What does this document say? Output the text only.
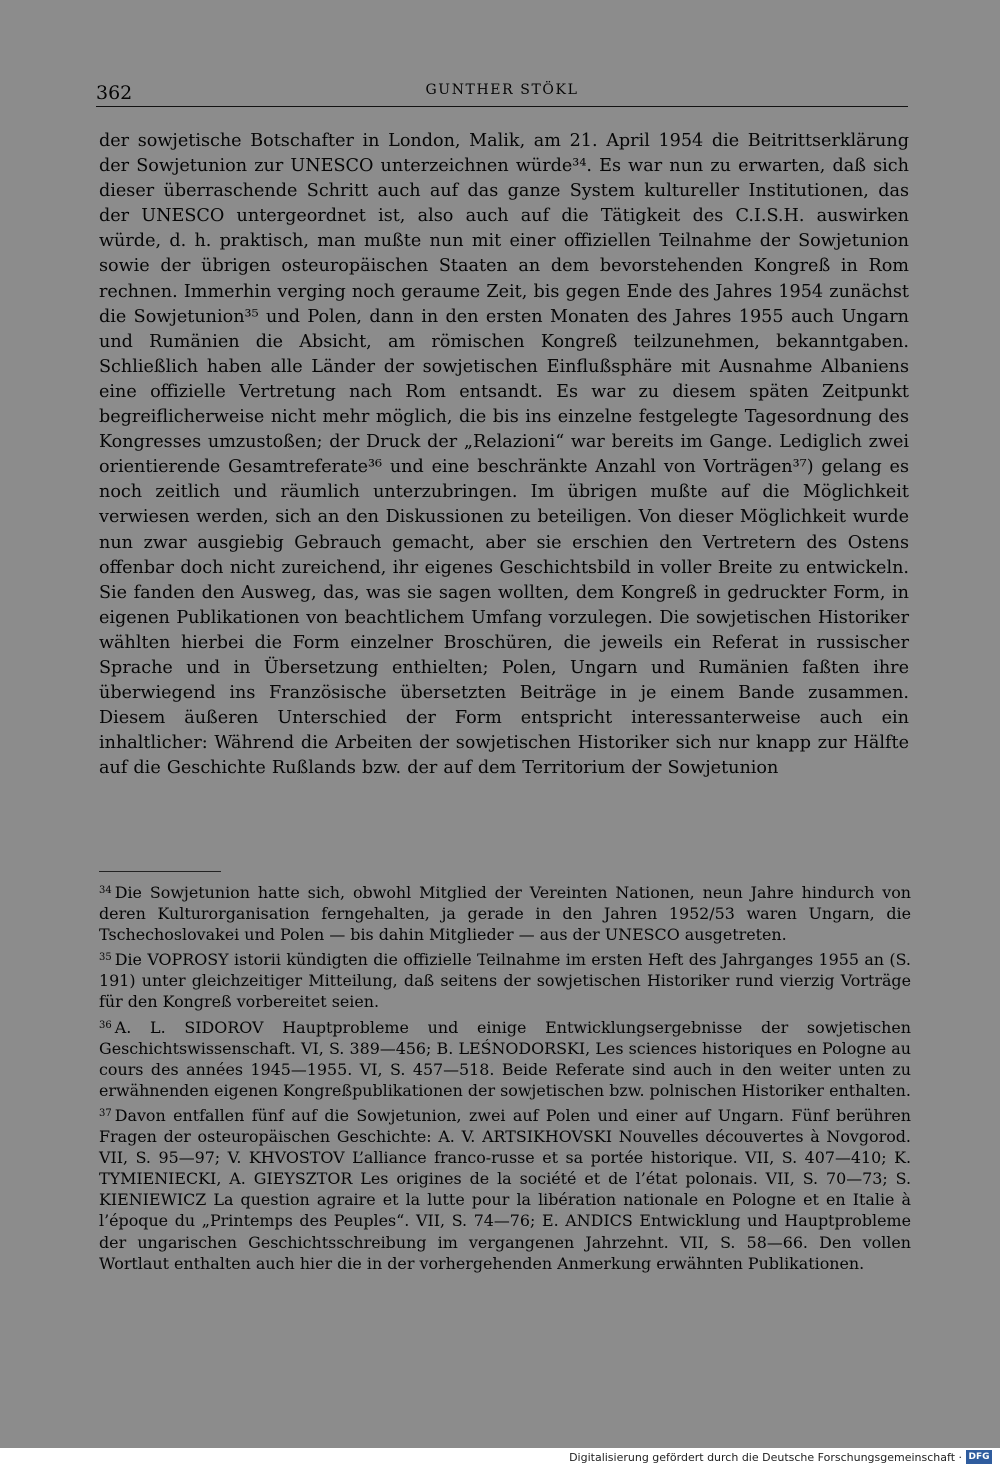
362	GUNTHER STÖKL

der sowjetische Botschafter in London, Malik, am 21. April 1954 die Beitrittserklärung der Sowjetunion zur UNESCO unterzeichnen würde³⁴. Es war nun zu erwarten, daß sich dieser überraschende Schritt auch auf das ganze System kultureller Institutionen, das der UNESCO untergeordnet ist, also auch auf die Tätigkeit des C.I.S.H. auswirken würde, d. h. praktisch, man mußte nun mit einer offiziellen Teilnahme der Sowjetunion sowie der übrigen osteuropäischen Staaten an dem bevorstehenden Kongreß in Rom rechnen. Immerhin verging noch geraume Zeit, bis gegen Ende des Jahres 1954 zunächst die Sowjetunion³⁵ und Polen, dann in den ersten Monaten des Jahres 1955 auch Ungarn und Rumänien die Absicht, am römischen Kongreß teilzunehmen, bekanntgaben. Schließlich haben alle Länder der sowjetischen Einflußsphäre mit Ausnahme Albaniens eine offizielle Vertretung nach Rom entsandt. Es war zu diesem späten Zeitpunkt begreiflicherweise nicht mehr möglich, die bis ins einzelne festgelegte Tagesordnung des Kongresses umzustoßen; der Druck der „Relazioni“ war bereits im Gange. Lediglich zwei orientierende Gesamtreferate³⁶ und eine beschränkte Anzahl von Vorträgen³⁷) gelang es noch zeitlich und räumlich unterzubringen. Im übrigen mußte auf die Möglichkeit verwiesen werden, sich an den Diskussionen zu beteiligen. Von dieser Möglichkeit wurde nun zwar ausgiebig Gebrauch gemacht, aber sie erschien den Vertretern des Ostens offenbar doch nicht zureichend, ihr eigenes Geschichtsbild in voller Breite zu entwickeln. Sie fanden den Ausweg, das, was sie sagen wollten, dem Kongreß in gedruckter Form, in eigenen Publikationen von beachtlichem Umfang vorzulegen. Die sowjetischen Historiker wählten hierbei die Form einzelner Broschüren, die jeweils ein Referat in russischer Sprache und in Übersetzung enthielten; Polen, Ungarn und Rumänien faßten ihre überwiegend ins Französische übersetzten Beiträge in je einem Bande zusammen. Diesem äußeren Unterschied der Form entspricht interessanterweise auch ein inhaltlicher: Während die Arbeiten der sowjetischen Historiker sich nur knapp zur Hälfte auf die Geschichte Rußlands bzw. der auf dem Territorium der Sowjetunion

$^{34}$ Die Sowjetunion hatte sich, obwohl Mitglied der Vereinten Nationen, neun Jahre hindurch von deren Kulturorganisation ferngehalten, ja gerade in den Jahren 1952/53 waren Ungarn, die Tschechoslovakei und Polen — bis dahin Mitglieder — aus der UNESCO ausgetreten.

$^{35}$ Die VOPROSY istorii kündigten die offizielle Teilnahme im ersten Heft des Jahrganges 1955 an (S. 191) unter gleichzeitiger Mitteilung, daß seitens der sowjetischen Historiker rund vierzig Vorträge für den Kongreß vorbereitet seien.

$^{36}$ A. L. SIDOROV Hauptprobleme und einige Entwicklungsergebnisse der sowjetischen Geschichtswissenschaft. VI, S. 389—456; B. LEŚNODORSKI, Les sciences historiques en Pologne au cours des années 1945—1955. VI, S. 457—518. Beide Referate sind auch in den weiter unten zu erwähnenden eigenen Kongreßpublikationen der sowjetischen bzw. polnischen Historiker enthalten.

$^{37}$ Davon entfallen fünf auf die Sowjetunion, zwei auf Polen und einer auf Ungarn. Fünf berühren Fragen der osteuropäischen Geschichte: A. V. ARTSIKHOVSKI Nouvelles découvertes à Novgorod. VII, S. 95—97; V. KHVOSTOV L’alliance franco-russe et sa portée historique. VII, S. 407—410; K. TYMIENIECKI, A. GIEYSZTOR Les origines de la société et de l’état polonais. VII, S. 70—73; S. KIENIEWICZ La question agraire et la lutte pour la libération nationale en Pologne et en Italie à l’époque du „Printemps des Peuples“. VII, S. 74—76; E. ANDICS Entwicklung und Hauptprobleme der ungarischen Geschichtsschreibung im vergangenen Jahrzehnt. VII, S. 58—66. Den vollen Wortlaut enthalten auch hier die in der vorhergehenden Anmerkung erwähnten Publikationen.

Digitalisierung gefördert durch die Deutsche Forschungsgemeinschaft · DFG
